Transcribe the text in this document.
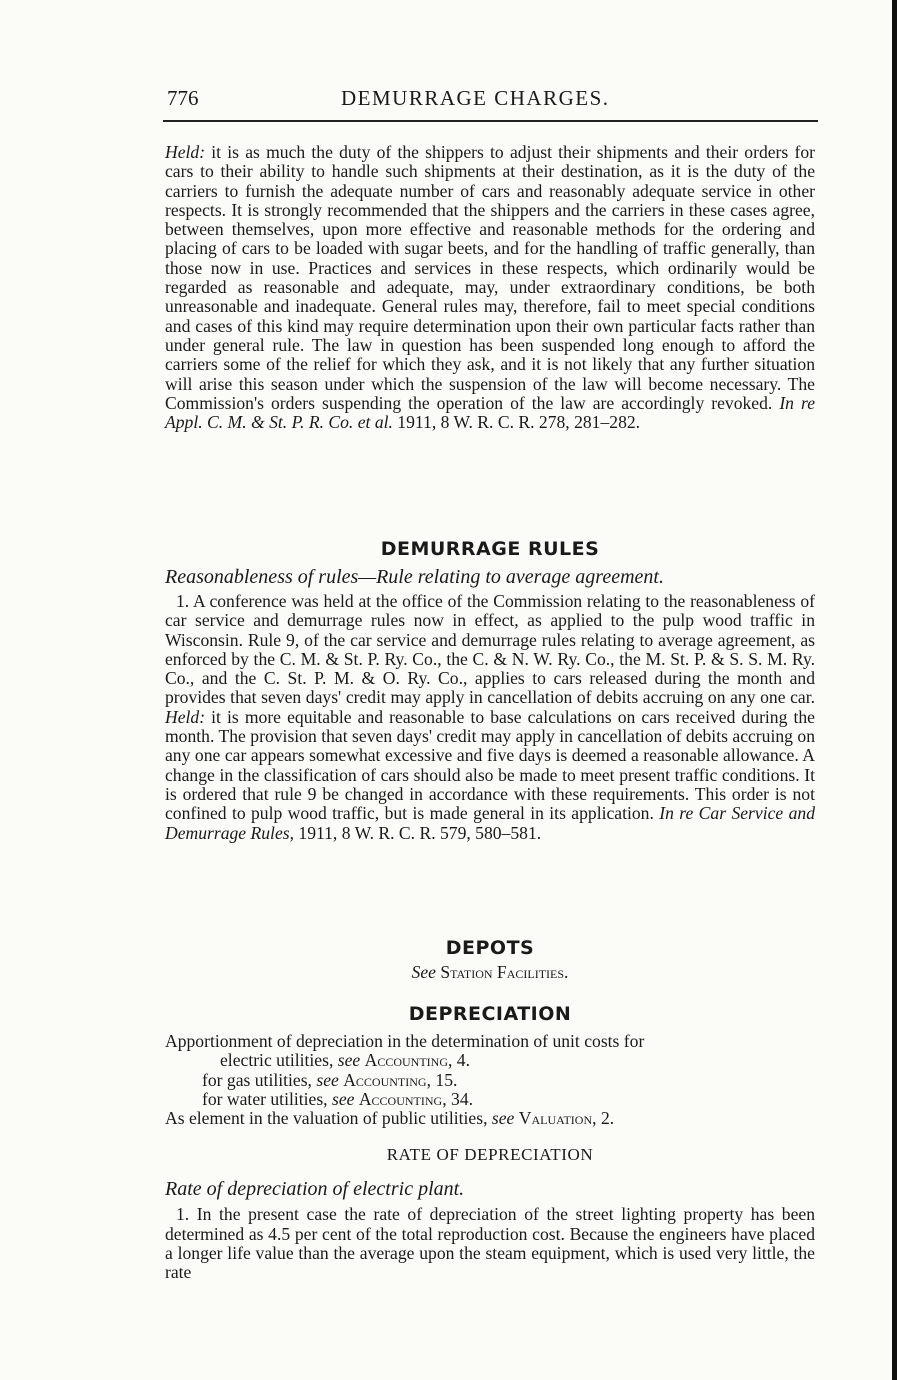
776	DEMURRAGE CHARGES.

Held: it is as much the duty of the shippers to adjust their shipments and their orders for cars to their ability to handle such shipments at their destination, as it is the duty of the carriers to furnish the adequate number of cars and reasonably adequate service in other respects. It is strongly recommended that the shippers and the carriers in these cases agree, between themselves, upon more effective and reasonable methods for the ordering and placing of cars to be loaded with sugar beets, and for the handling of traffic generally, than those now in use. Practices and services in these respects, which ordinarily would be regarded as reasonable and adequate, may, under extraordinary conditions, be both unreasonable and inadequate. General rules may, therefore, fail to meet special conditions and cases of this kind may require determination upon their own particular facts rather than under general rule. The law in question has been suspended long enough to afford the carriers some of the relief for which they ask, and it is not likely that any further situation will arise this season under which the suspension of the law will become necessary. The Commission's orders suspending the operation of the law are accordingly revoked. In re Appl. C. M. & St. P. R. Co. et al. 1911, 8 W. R. C. R. 278, 281–282.

DEMURRAGE RULES

Reasonableness of rules—Rule relating to average agreement.

1. A conference was held at the office of the Commission relating to the reasonableness of car service and demurrage rules now in effect, as applied to the pulp wood traffic in Wisconsin. Rule 9, of the car service and demurrage rules relating to average agreement, as enforced by the C. M. & St. P. Ry. Co., the C. & N. W. Ry. Co., the M. St. P. & S. S. M. Ry. Co., and the C. St. P. M. & O. Ry. Co., applies to cars released during the month and provides that seven days' credit may apply in cancellation of debits accruing on any one car. Held: it is more equitable and reasonable to base calculations on cars received during the month. The provision that seven days' credit may apply in cancellation of debits accruing on any one car appears somewhat excessive and five days is deemed a reasonable allowance. A change in the classification of cars should also be made to meet present traffic conditions. It is ordered that rule 9 be changed in accordance with these requirements. This order is not confined to pulp wood traffic, but is made general in its application. In re Car Service and Demurrage Rules, 1911, 8 W. R. C. R. 579, 580–581.

DEPOTS

See Station Facilities.

DEPRECIATION

Apportionment of depreciation in the determination of unit costs for

electric utilities, see Accounting, 4.

for gas utilities, see Accounting, 15.

for water utilities, see Accounting, 34.

As element in the valuation of public utilities, see Valuation, 2.

RATE OF DEPRECIATION

Rate of depreciation of electric plant.

1. In the present case the rate of depreciation of the street lighting property has been determined as 4.5 per cent of the total reproduction cost. Because the engineers have placed a longer life value than the average upon the steam equipment, which is used very little, the rate
